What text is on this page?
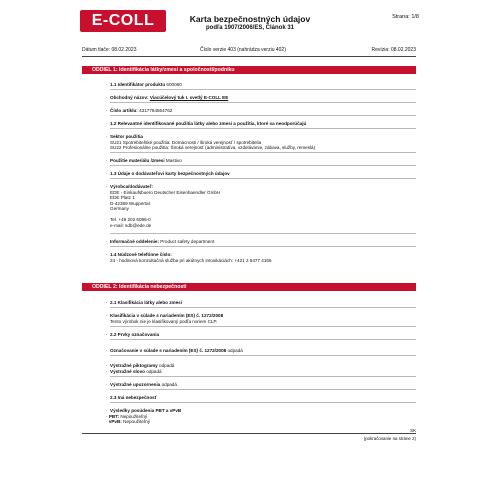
E-COLL	Karta bezpečnostných údajov
podľa 1907/2006/ES, Článok 31
Strana: 1/8
Dátum tlače: 08.02.2023	Číslo verzie 403 (nahrádza verziu 402)	Revízia: 08.02.2023
ODDIEL 1: Identifikácia látky/zmesi a spoločnosti/podniku
· 1.1 Identifikátor produktu 600060
· Obchodný názov: Viacúčelový tuk I. svetlý E-COLL EE
· Číslo artiklu: 4317784564762
· 1.2 Relevantné identifikované použitia látky alebo zmesi a použitia, ktoré sa neodporúčajú
· Sektor použitia
SU21 Spotrebiteľské použitia: Domácnosti / široká verejnosť / spotrebitelia
SU22 Profesionálne použitia: Široká verejnosť (administratíva, vzdelávanie, zábava, služby, remeslá)
· Použitie materiálu /zmesi Mastivo
· 1.3 Údaje o dodávateľovi karty bezpečnostných údajov
· Výrobca/dodávateľ:
EDE - Einkaufsbuero Deutscher Eisenhaendler GmbH
EDE Platz 1
D-42389 Wuppertal
Germany

Tel. +49 202 6096-0
e-mail: sdb@ede.de
· Informačné oddelenie: Product safety department
· 1.4 Núdzové telefónne číslo:
24 - hodinová konzultačná služba pri akútnych intoxikáciách: +421 2 5477 4166
ODDIEL 2: Identifikácia nebezpečnosti
· 2.1 Klasifikácia látky alebo zmesi
· Klasifikácia v súlade s nariadením (ES) č. 1272/2008
Tento výrobok nie je klasifikovaný podľa noriem CLP.
· 2.2 Prvky označovania
· Označovanie v súlade s nariadením (ES) č. 1272/2008 odpadá
· Výstražné piktogramy odpadá
· Výstražné slovo odpadá
· Výstražné upozornenia odpadá
· 2.3 Iná nebezpečnosť
· Výsledky posúdenia PBT a vPvB
· PBT: Nepoužiteľný
· vPvB: Nepoužiteľný
SK
(pokračovanie na strane 2)
